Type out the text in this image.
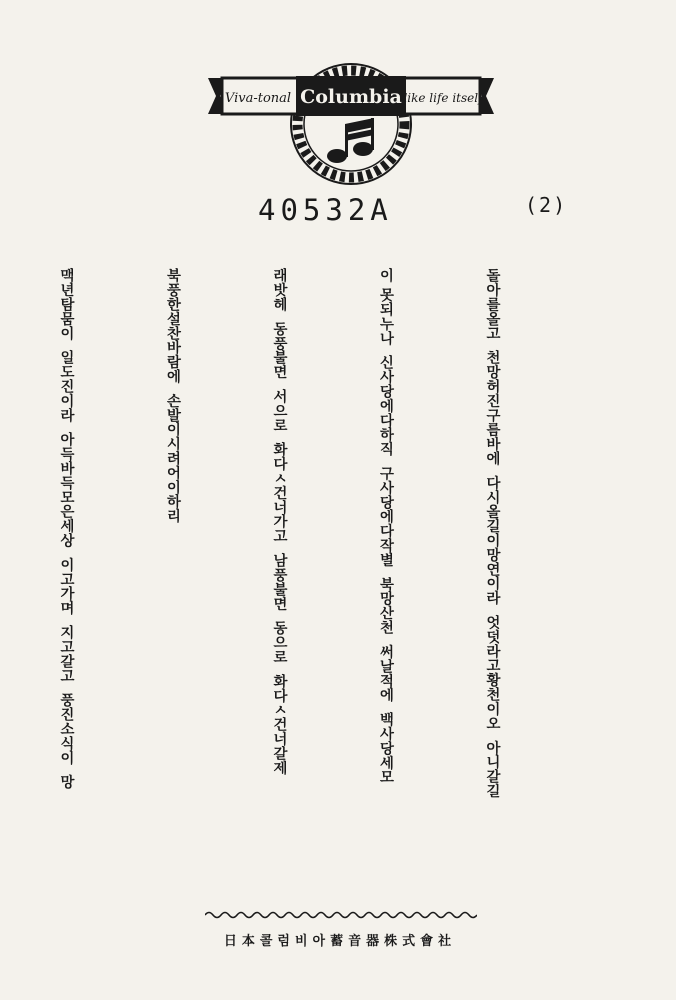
Viva-tonal Columbia like life itself
40532A	(2)

돌아를올고  천망허진구름바에  다시올길이망연이라  엇덧라고황천이오  아니갈길

이 못되누나  신사당에다하직  구사당에다작별  북망산천  써날적에  백사당세모

래밧헤  동풍불면  서으로  화다ㅅ건너가고  남풍불면  동으로  화다ㅅ건너갈제

북풍한설찬바람에  손발이시려어이하리

맥년탐뭄이  일도진이라  아득바득모은세상  이고가며  지고갈고  풍진소식이  망

社會式株器音蓄아비럼콜本日
